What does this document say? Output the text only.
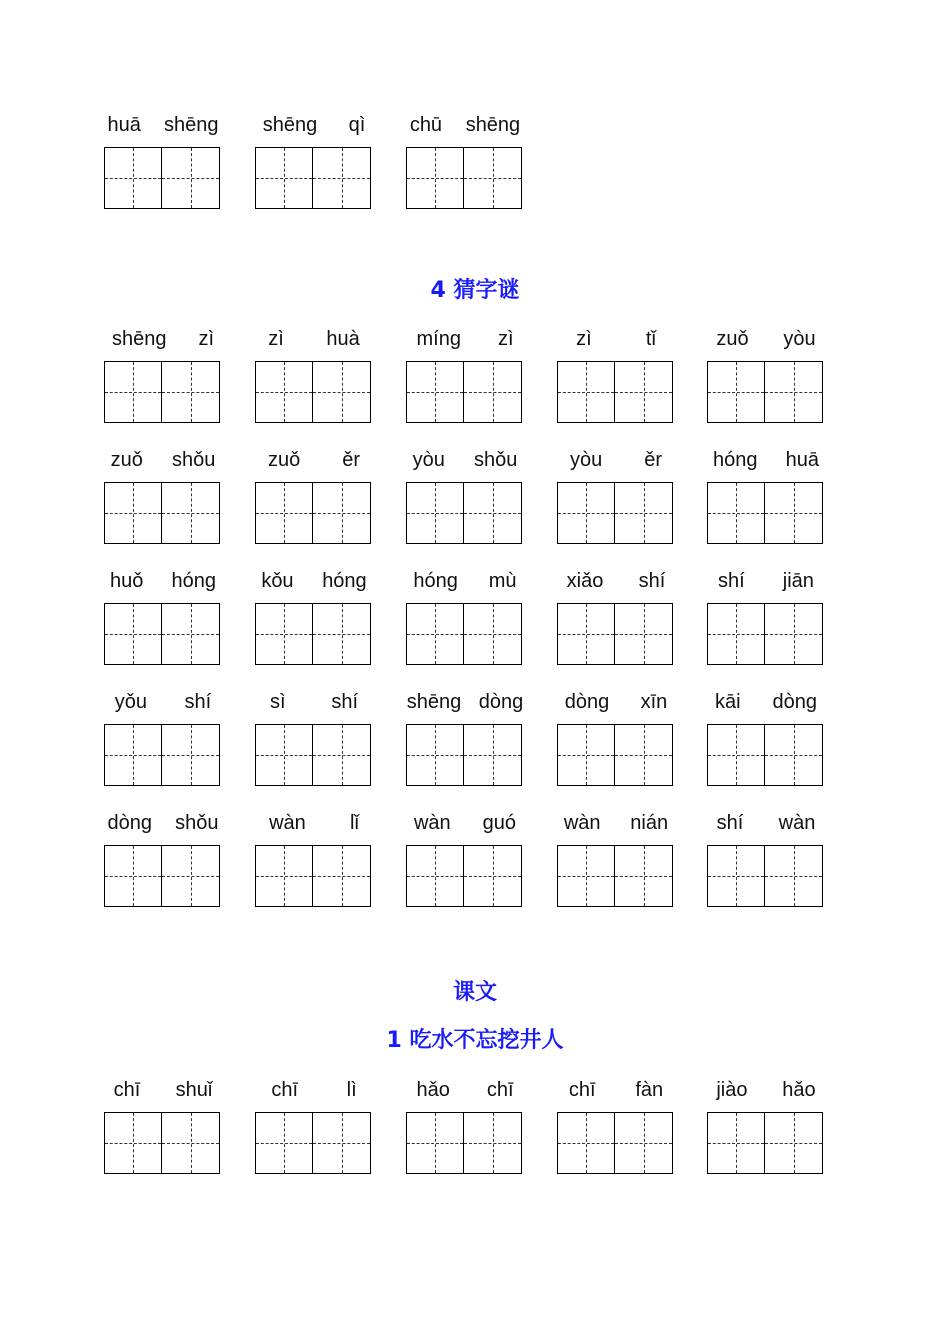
4 猜字谜
课文
1 吃水不忘挖井人
huā shēng shēng qì chū shēng
shēng zì	zì huà	míng zì	zì	tǐ	zuǒ yòu
zuǒ shǒu	zuǒ ěr	yòu shǒu	yòu ěr	hóng huā
huǒ hóng kǒu hóng hóng mù	xiǎo shí	shí jiān
yǒu shí	sì shí shēng dòng dòng xīn kāi dòng
dòng shǒu	wàn lǐ	wàn guó wàn nián shí wàn
chī shuǐ	chī lì	hǎo chī	chī fàn	jiào hǎo
